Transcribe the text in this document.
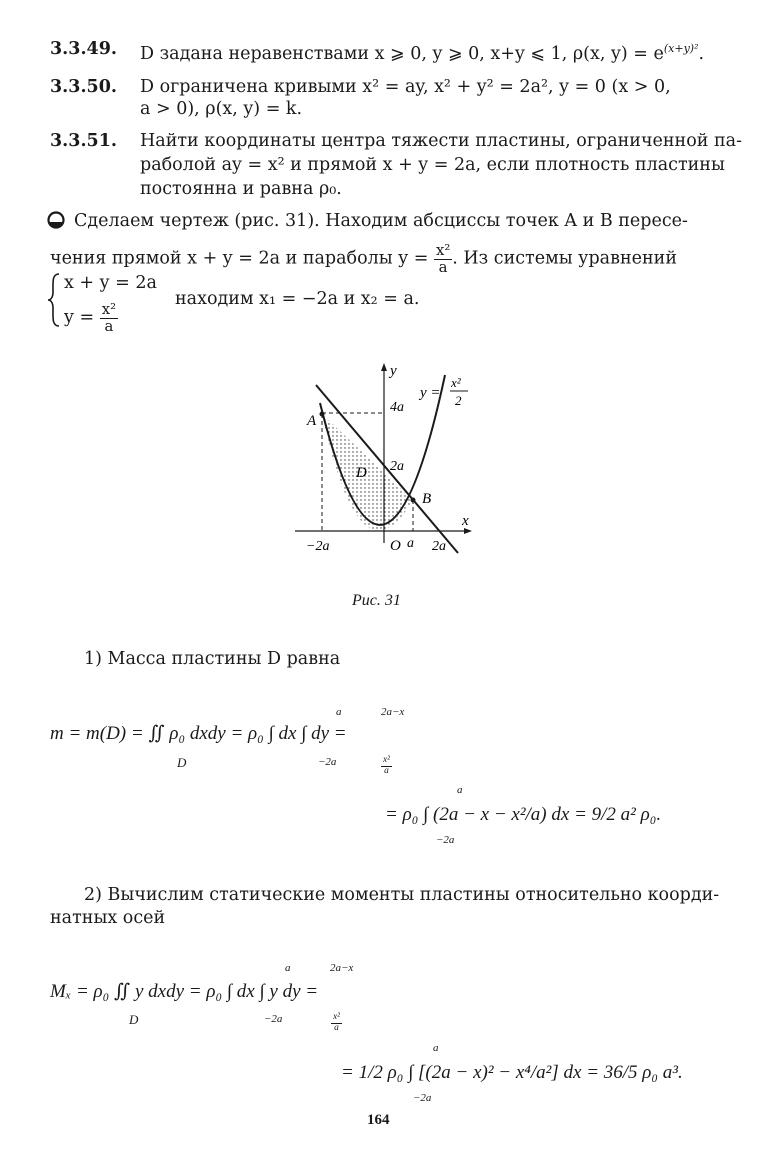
3.3.49. D задана неравенствами x ⩾ 0, y ⩾ 0, x+y ⩽ 1, ρ(x, $y) = e^{(x+y)^2}$.
3.3.50. D ограничена кривыми x² = ay, x² + y² = 2a², y = 0 (x > 0,
a > 0), ρ(x, y) = k.
3.3.51. Найти координаты центра тяжести пластины, ограниченной па-
раболой ay = x² и прямой x + y = 2a, если плотность пластины
постоянна и равна ρ₀.
Сделаем чертеж (рис. 31). Находим абсциссы точек A и B пересе-
чения прямой x + y = 2a и параболы $y = \frac{\text{x²}}{a}$ . Из системы уравнений
x + y = 2a
$y = \frac{\text{x²}}{a}$
находим x₁ = −2a и x₂ = a.
y
x
y =
x²
2
4a
2a
−2a	O a 2a
A
B
D
Рис. 31
1) Масса пластины D равна
m = m(D) = ∬ ρ₀ dxdy = ρ₀ ∫ dx ∫ dy =
D
a
−2a
2a−x
$\frac{\text{x²}}{a}$
= ρ₀ ∫ (2a − x − x²/a) dx = 9/2 a² ρ₀.
a
−2a
2) Вычислим статические моменты пластины относительно коорди-
натных осей
Mₓ = ρ₀ ∬ y dxdy = ρ₀ ∫ dx ∫ y dy =
D
a
−2a
2a−x
$\frac{\text{x²}}{a}$
= 1/2 ρ₀ ∫ [(2a − x)² − x⁴/a²] dx = 36/5 ρ₀ a³.
a
−2a
164
